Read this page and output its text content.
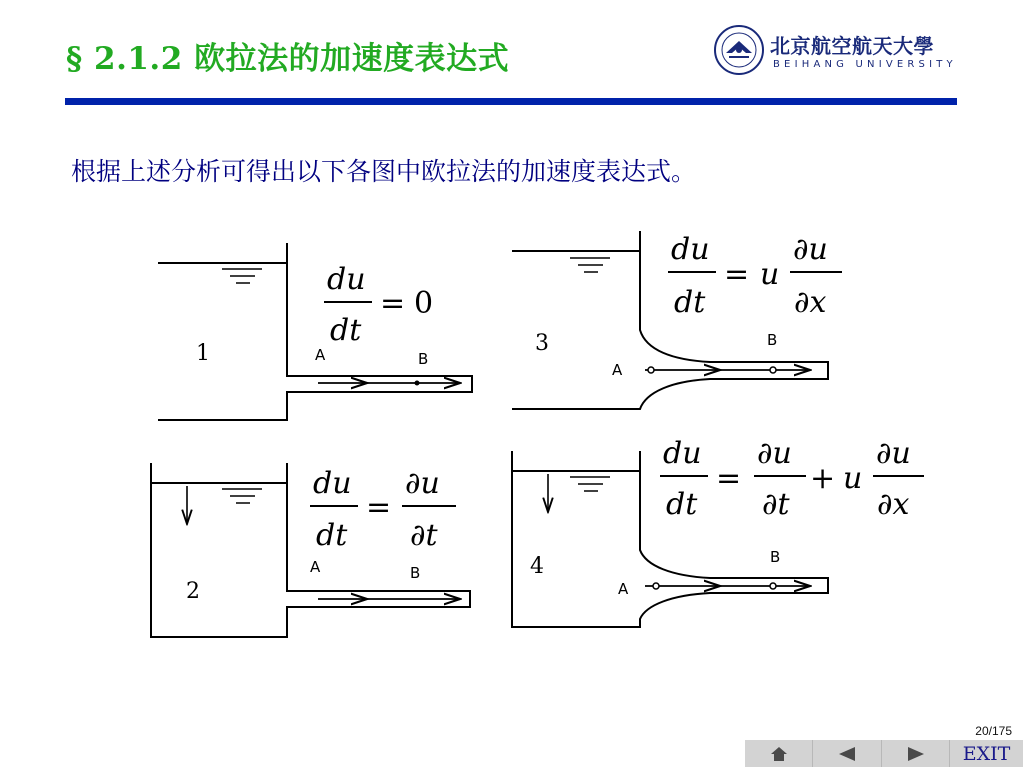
§ 2.1.2 欧拉法的加速度表达式	北京航空航天大學
BEIHANG UNIVERSITY
根据上述分析可得出以下各图中欧拉法的加速度表达式。
1	A	B
du
dt
= 0
2
A	B
du
dt
=
∂u
∂t
3
A
B
du
dt
= u
∂u
∂x
4
A
B
du
dt
=
∂u
∂t
+ u
∂u
∂x
20/175
EXIT
